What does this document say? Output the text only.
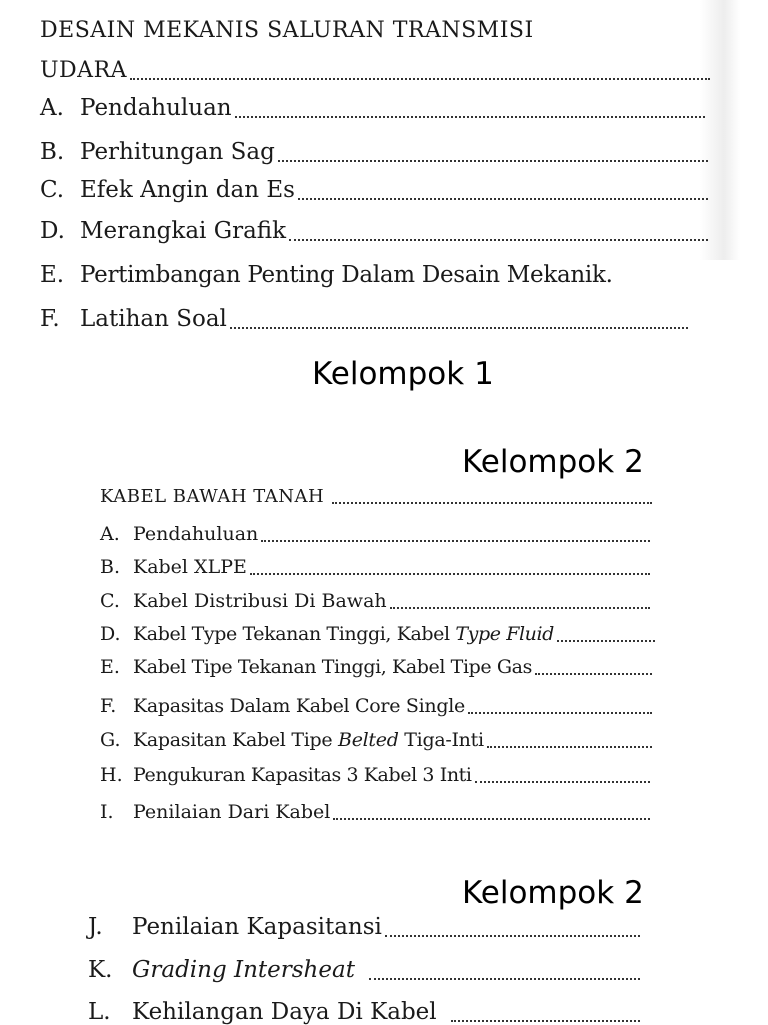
DESAIN MEKANIS SALURAN TRANSMISI
UDARA
A. Pendahuluan
B. Perhitungan Sag
C. Efek Angin dan Es
D. Merangkai Grafik
E. Pertimbangan Penting Dalam Desain Mekanik.
F. Latihan Soal
Kelompok 1
Kelompok 2
KABEL BAWAH TANAH
A. Pendahuluan
B. Kabel XLPE
C. Kabel Distribusi Di Bawah
D. Kabel Type Tekanan Tinggi, Kabel Type Fluid
E. Kabel Tipe Tekanan Tinggi, Kabel Tipe Gas
F. Kapasitas Dalam Kabel Core Single
G. Kapasitan Kabel Tipe Belted Tiga-Inti
H. Pengukuran Kapasitas 3 Kabel 3 Inti
I.	Penilaian Dari Kabel
Kelompok 2
J.	Penilaian Kapasitansi
K. Grading Intersheat
L. Kehilangan Daya Di Kabel
